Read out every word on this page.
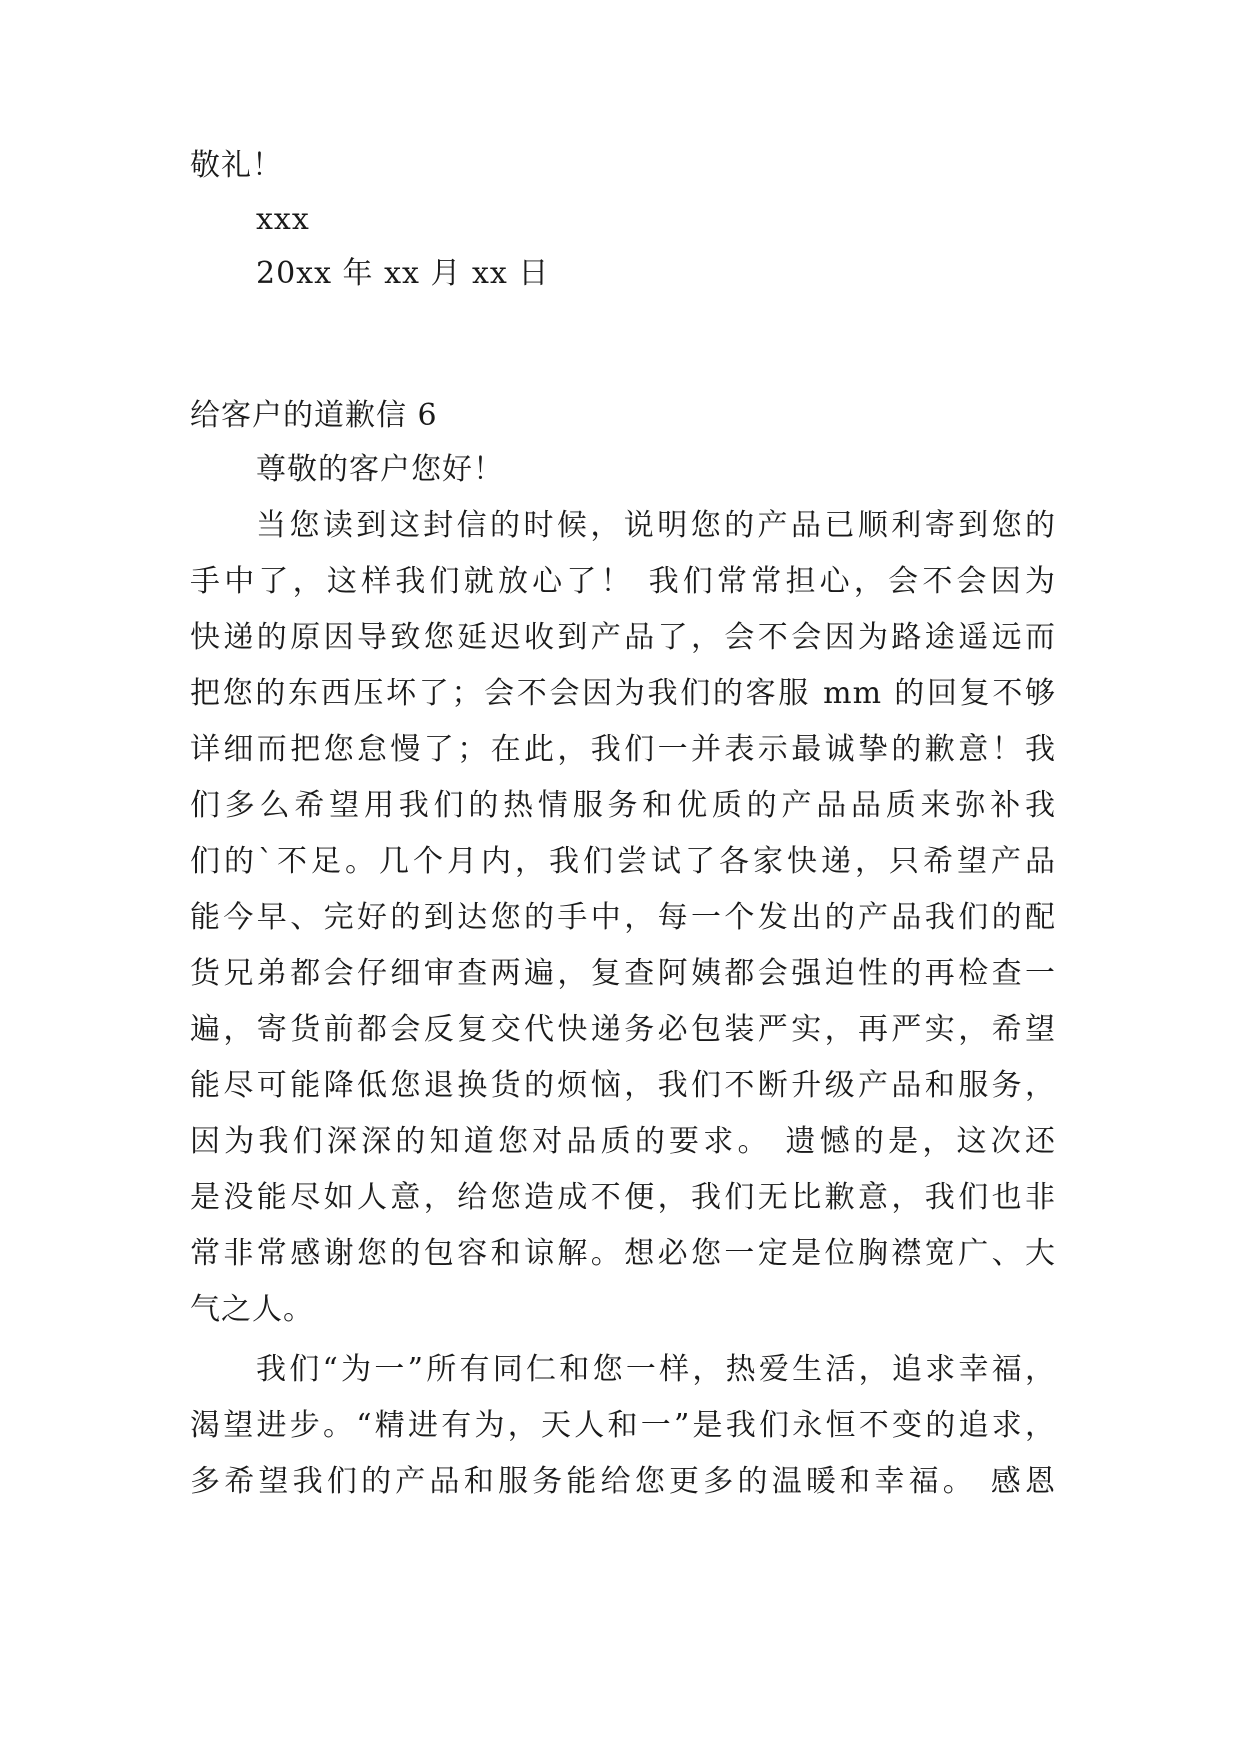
敬礼！
xxx
20xx 年 xx 月 xx 日
给客户的道歉信 6
尊敬的客户您好！
当您读到这封信的时候，说明您的产品已顺利寄到您的
手中了，这样我们就放心了！ 我们常常担心，会不会因为
快递的原因导致您延迟收到产品了，会不会因为路途遥远而
把您的东西压坏了；会不会因为我们的客服 mm 的回复不够
详细而把您怠慢了；在此，我们一并表示最诚挚的歉意！我
们多么希望用我们的热情服务和优质的产品品质来弥补我
们的`不足。几个月内，我们尝试了各家快递，只希望产品
能今早、完好的到达您的手中，每一个发出的产品我们的配
货兄弟都会仔细审查两遍，复查阿姨都会强迫性的再检查一
遍，寄货前都会反复交代快递务必包装严实，再严实，希望
能尽可能降低您退换货的烦恼，我们不断升级产品和服务，
因为我们深深的知道您对品质的要求。 遗憾的是，这次还
是没能尽如人意，给您造成不便，我们无比歉意，我们也非
常非常感谢您的包容和谅解。想必您一定是位胸襟宽广、大
气之人。
我们“为一”所有同仁和您一样，热爱生活，追求幸福，
渴望进步。“精进有为，天人和一”是我们永恒不变的追求，
多希望我们的产品和服务能给您更多的温暖和幸福。 感恩
